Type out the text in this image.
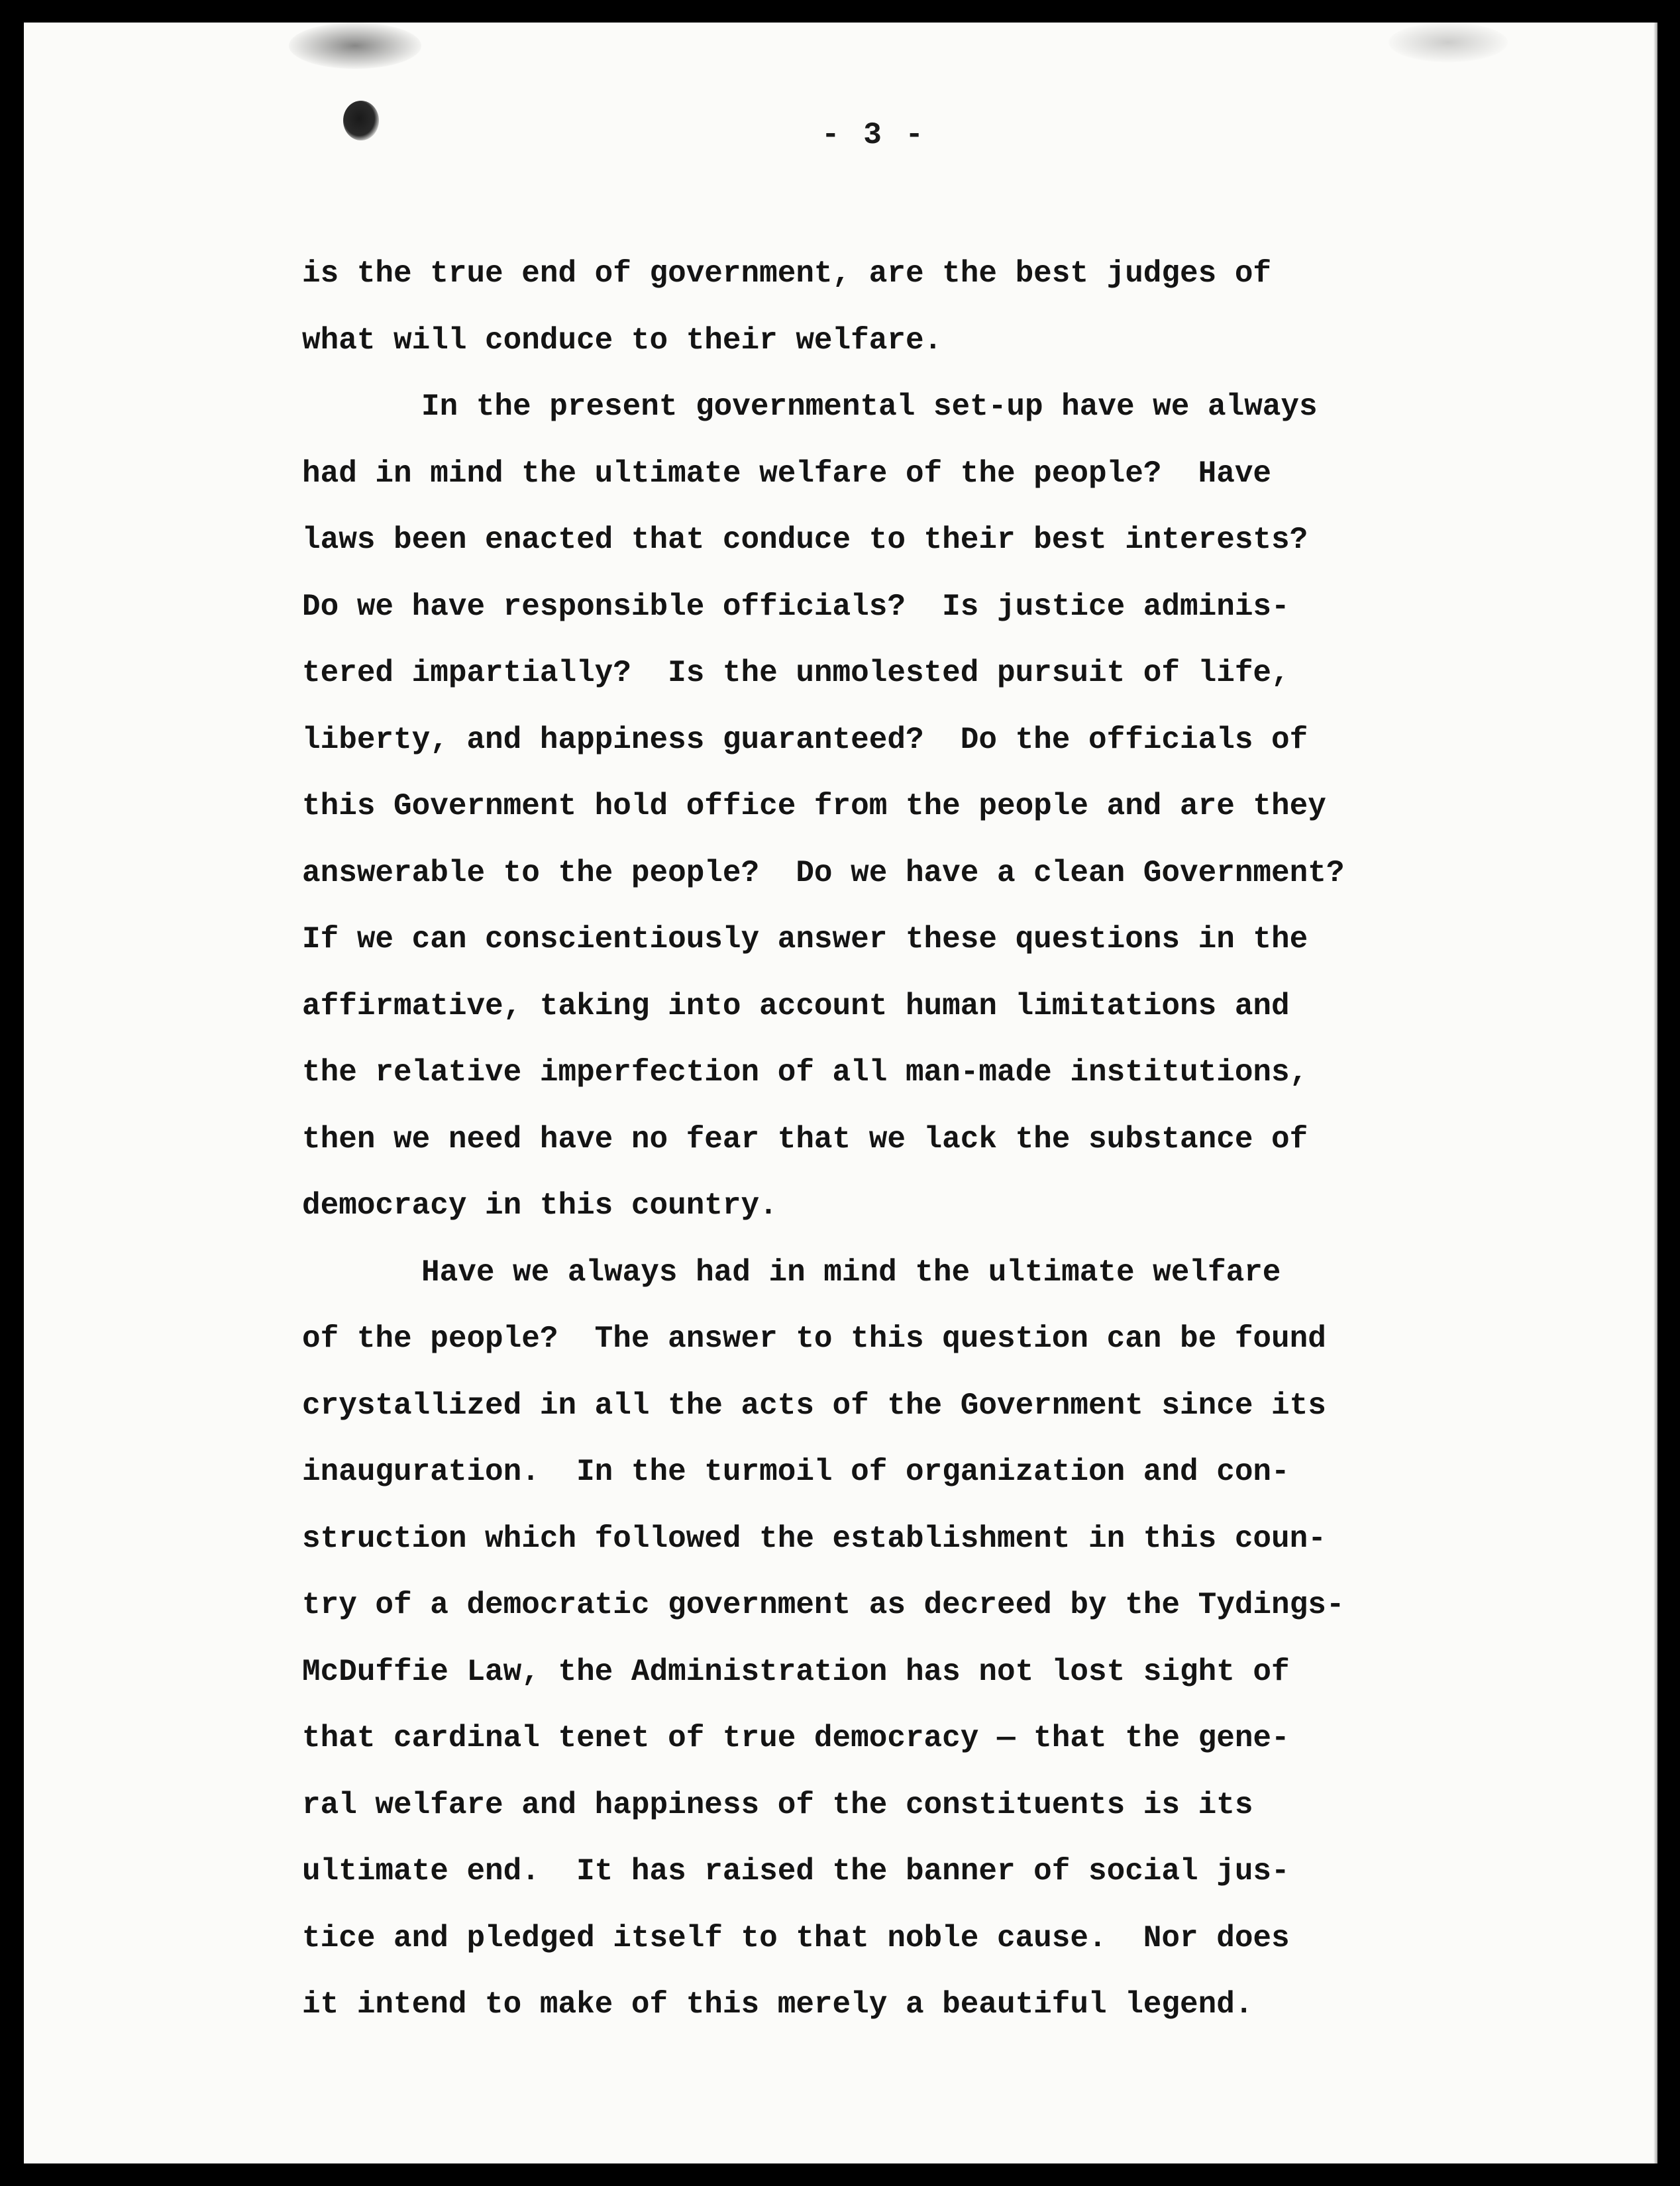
- 3 -
is the true end of government, are the best judges of
what will conduce to their welfare.
In the present governmental set-up have we always
had in mind the ultimate welfare of the people?  Have
laws been enacted that conduce to their best interests?
Do we have responsible officials?  Is justice adminis-
tered impartially?  Is the unmolested pursuit of life,
liberty, and happiness guaranteed?  Do the officials of
this Government hold office from the people and are they
answerable to the people?  Do we have a clean Government?
If we can conscientiously answer these questions in the
affirmative, taking into account human limitations and
the relative imperfection of all man-made institutions,
then we need have no fear that we lack the substance of
democracy in this country.
Have we always had in mind the ultimate welfare
of the people?  The answer to this question can be found
crystallized in all the acts of the Government since its
inauguration.  In the turmoil of organization and con-
struction which followed the establishment in this coun-
try of a democratic government as decreed by the Tydings-
McDuffie Law, the Administration has not lost sight of
that cardinal tenet of true democracy — that the gene-
ral welfare and happiness of the constituents is its
ultimate end.  It has raised the banner of social jus-
tice and pledged itself to that noble cause.  Nor does
it intend to make of this merely a beautiful legend.
